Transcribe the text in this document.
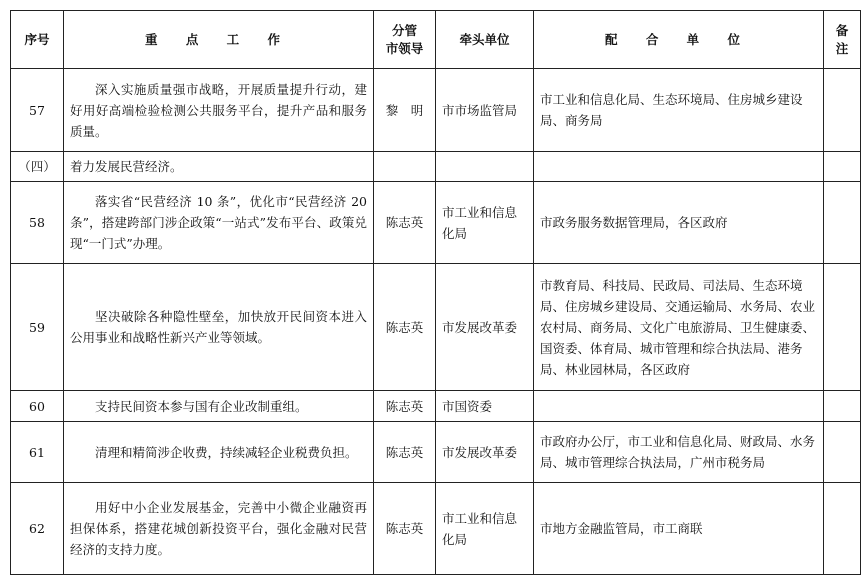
序号	重 点 工 作	分管
市领导	牵头单位	配 合 单 位	备注
57	深入实施质量强市战略，开展质量提升行动，建好用好高端检验检测公共服务平台，提升产品和服务质量。	黎　明	市市场监管局	市工业和信息化局、生态环境局、住房城乡建设局、商务局	
（四）	着力发展民营经济。				
58	落实省“民营经济 10 条”，优化市“民营经济 20 条”，搭建跨部门涉企政策“一站式”发布平台、政策兑现“一门式”办理。	陈志英	市工业和信息化局	市政务服务数据管理局，各区政府	
59	坚决破除各种隐性壁垒，加快放开民间资本进入公用事业和战略性新兴产业等领域。	陈志英	市发展改革委	市教育局、科技局、民政局、司法局、生态环境局、住房城乡建设局、交通运输局、水务局、农业农村局、商务局、文化广电旅游局、卫生健康委、国资委、体育局、城市管理和综合执法局、港务局、林业园林局，各区政府	
60	支持民间资本参与国有企业改制重组。	陈志英	市国资委		
61	清理和精简涉企收费，持续减轻企业税费负担。	陈志英	市发展改革委	市政府办公厅，市工业和信息化局、财政局、水务局、城市管理综合执法局，广州市税务局	
62	用好中小企业发展基金，完善中小微企业融资再担保体系，搭建花城创新投资平台，强化金融对民营经济的支持力度。	陈志英	市工业和信息化局	市地方金融监管局，市工商联	
